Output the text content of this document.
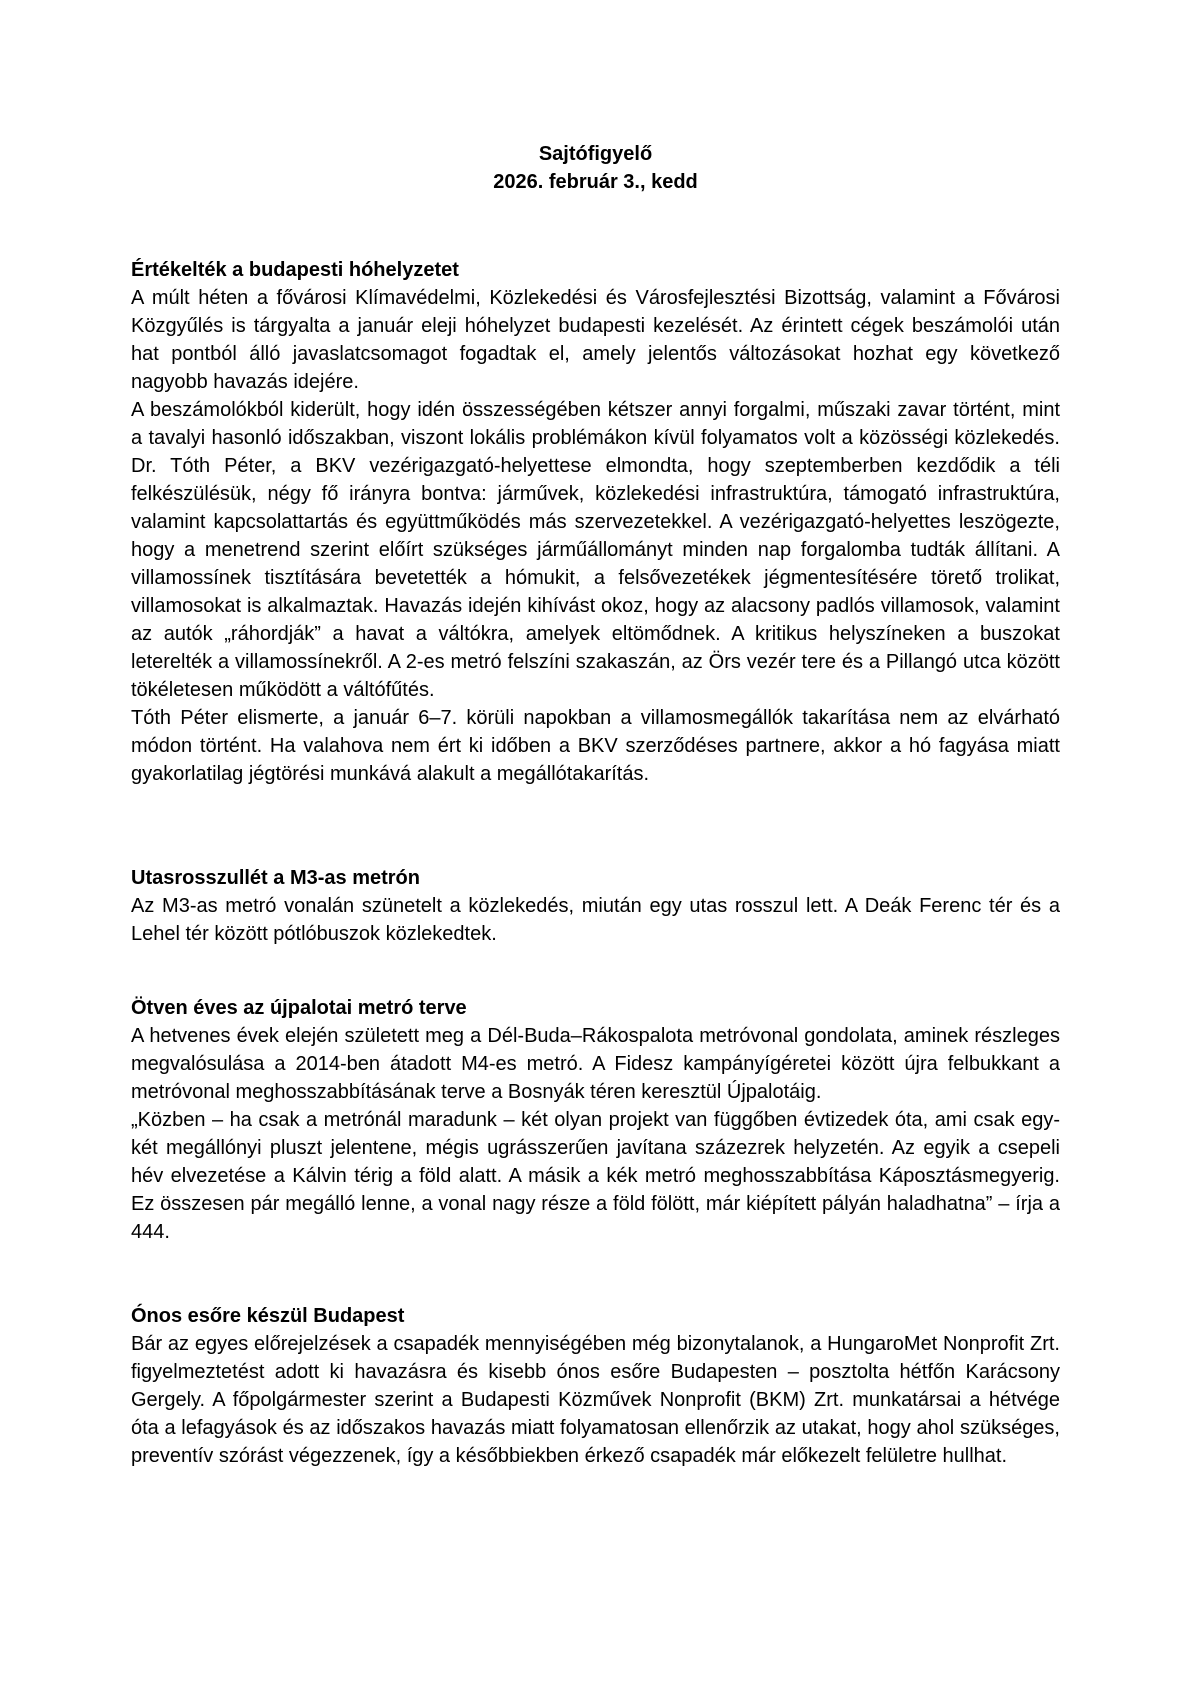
Sajtófigyelő
2026. február 3., kedd
Értékelték a budapesti hóhelyzetet

A múlt héten a fővárosi Klímavédelmi, Közlekedési és Városfejlesztési Bizottság, valamint a Fővárosi Közgyűlés is tárgyalta a január eleji hóhelyzet budapesti kezelését. Az érintett cégek beszámolói után hat pontból álló javaslatcsomagot fogadtak el, amely jelentős változásokat hozhat egy következő nagyobb havazás idejére.

A beszámolókból kiderült, hogy idén összességében kétszer annyi forgalmi, műszaki zavar történt, mint a tavalyi hasonló időszakban, viszont lokális problémákon kívül folyamatos volt a közösségi közlekedés. Dr. Tóth Péter, a BKV vezérigazgató-helyettese elmondta, hogy szeptemberben kezdődik a téli felkészülésük, négy fő irányra bontva: járművek, közlekedési infrastruktúra, támogató infrastruktúra, valamint kapcsolattartás és együttműködés más szervezetekkel. A vezérigazgató-helyettes leszögezte, hogy a menetrend szerint előírt szükséges járműállományt minden nap forgalomba tudták állítani. A villamossínek tisztítására bevetették a hómukit, a felsővezetékek jégmentesítésére törető trolikat, villamosokat is alkalmaztak. Havazás idején kihívást okoz, hogy az alacsony padlós villamosok, valamint az autók „ráhordják” a havat a váltókra, amelyek eltömődnek. A kritikus helyszíneken a buszokat leterelték a villamossínekről. A 2-es metró felszíni szakaszán, az Örs vezér tere és a Pillangó utca között tökéletesen működött a váltófűtés.

Tóth Péter elismerte, a január 6–7. körüli napokban a villamosmegállók takarítása nem az elvárható módon történt. Ha valahova nem ért ki időben a BKV szerződéses partnere, akkor a hó fagyása miatt gyakorlatilag jégtörési munkává alakult a megállótakarítás.

Utasrosszullét a M3-as metrón

Az M3-as metró vonalán szünetelt a közlekedés, miután egy utas rosszul lett. A Deák Ferenc tér és a Lehel tér között pótlóbuszok közlekedtek.

Ötven éves az újpalotai metró terve

A hetvenes évek elején született meg a Dél-Buda–Rákospalota metróvonal gondolata, aminek részleges megvalósulása a 2014-ben átadott M4-es metró. A Fidesz kampányígéretei között újra felbukkant a metróvonal meghosszabbításának terve a Bosnyák téren keresztül Újpalotáig.

„Közben – ha csak a metrónál maradunk – két olyan projekt van függőben évtizedek óta, ami csak egy-két megállónyi pluszt jelentene, mégis ugrásszerűen javítana százezrek helyzetén. Az egyik a csepeli hév elvezetése a Kálvin térig a föld alatt. A másik a kék metró meghosszabbítása Káposztásmegyerig. Ez összesen pár megálló lenne, a vonal nagy része a föld fölött, már kiépített pályán haladhatna” – írja a 444.

Ónos esőre készül Budapest

Bár az egyes előrejelzések a csapadék mennyiségében még bizonytalanok, a HungaroMet Nonprofit Zrt. figyelmeztetést adott ki havazásra és kisebb ónos esőre Budapesten – posztolta hétfőn Karácsony Gergely. A főpolgármester szerint a Budapesti Közművek Nonprofit (BKM) Zrt. munkatársai a hétvége óta a lefagyások és az időszakos havazás miatt folyamatosan ellenőrzik az utakat, hogy ahol szükséges, preventív szórást végezzenek, így a későbbiekben érkező csapadék már előkezelt felületre hullhat.
